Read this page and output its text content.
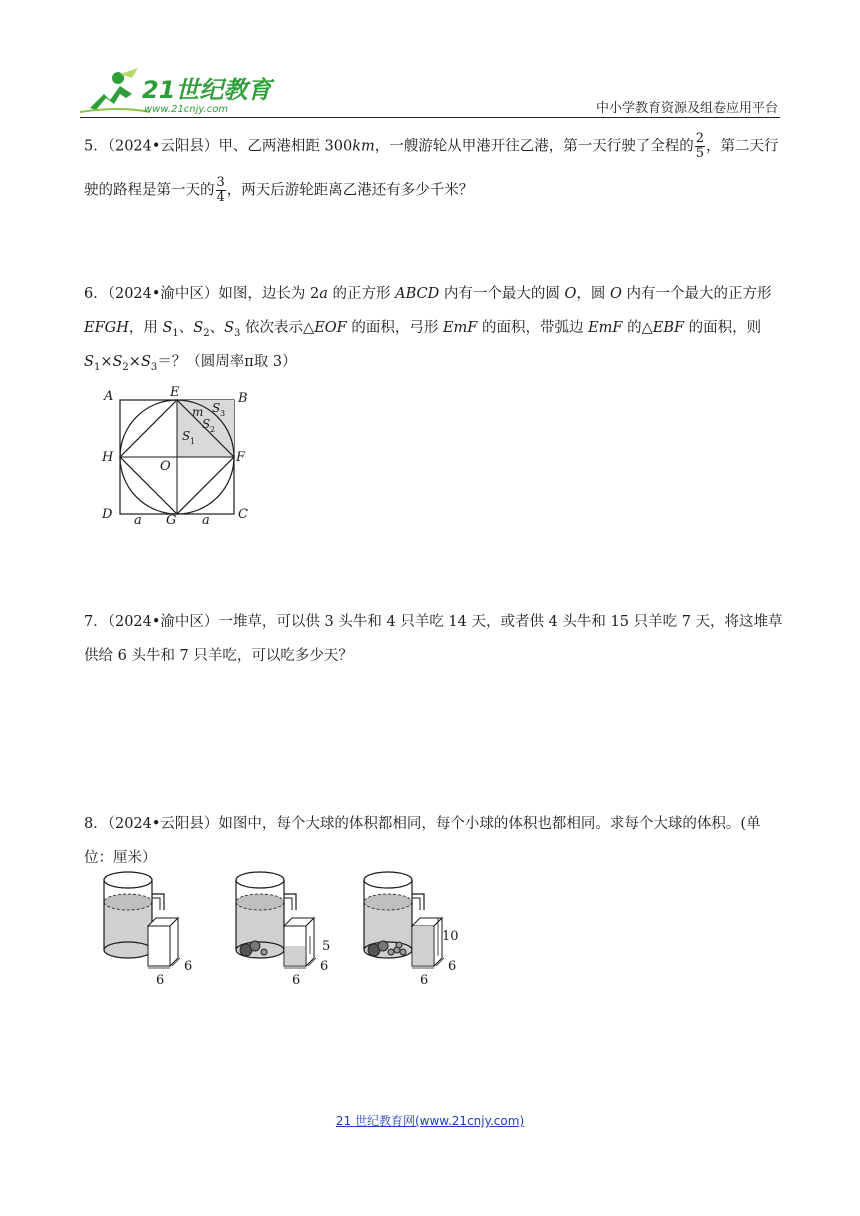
21世纪教育
www.21cnjy.com	中小学教育资源及组卷应用平台
5．（2024•云阳县）甲、乙两港相距 300km，一艘游轮从甲港开往乙港，第一天行驶了全程的 $\frac{2}{5}$ ，第二天行
驶的路程是第一天的 $\frac{3}{4}$ ，两天后游轮距离乙港还有多少千米？
6．（2024•渝中区）如图，边长为 2a 的正方形 ABCD 内有一个最大的圆 O，圆 O 内有一个最大的正方形
EFGH，用 $S_1$、$S_2$、$S_3$ 依次表示△EOF 的面积，弓形 EmF 的面积，带弧边 EmF 的△EBF 的面积，则
$S_1\times S_2\times S_3=$？（圆周率π取 3）
A	B
C
D
E
F
G
H
O
m S 3
S 2
S 1
a	a
7．（2024•渝中区）一堆草，可以供 3 头牛和 4 只羊吃 14 天，或者供 4 头牛和 15 只羊吃 7 天，将这堆草
供给 6 头牛和 7 只羊吃，可以吃多少天？
8．（2024•云阳县）如图中，每个大球的体积都相同，每个小球的体积也都相同。求每个大球的体积。(单
位：厘米）
6
6
6
6
5
6
6
10
21 世纪教育网(www.21cnjy.com)
